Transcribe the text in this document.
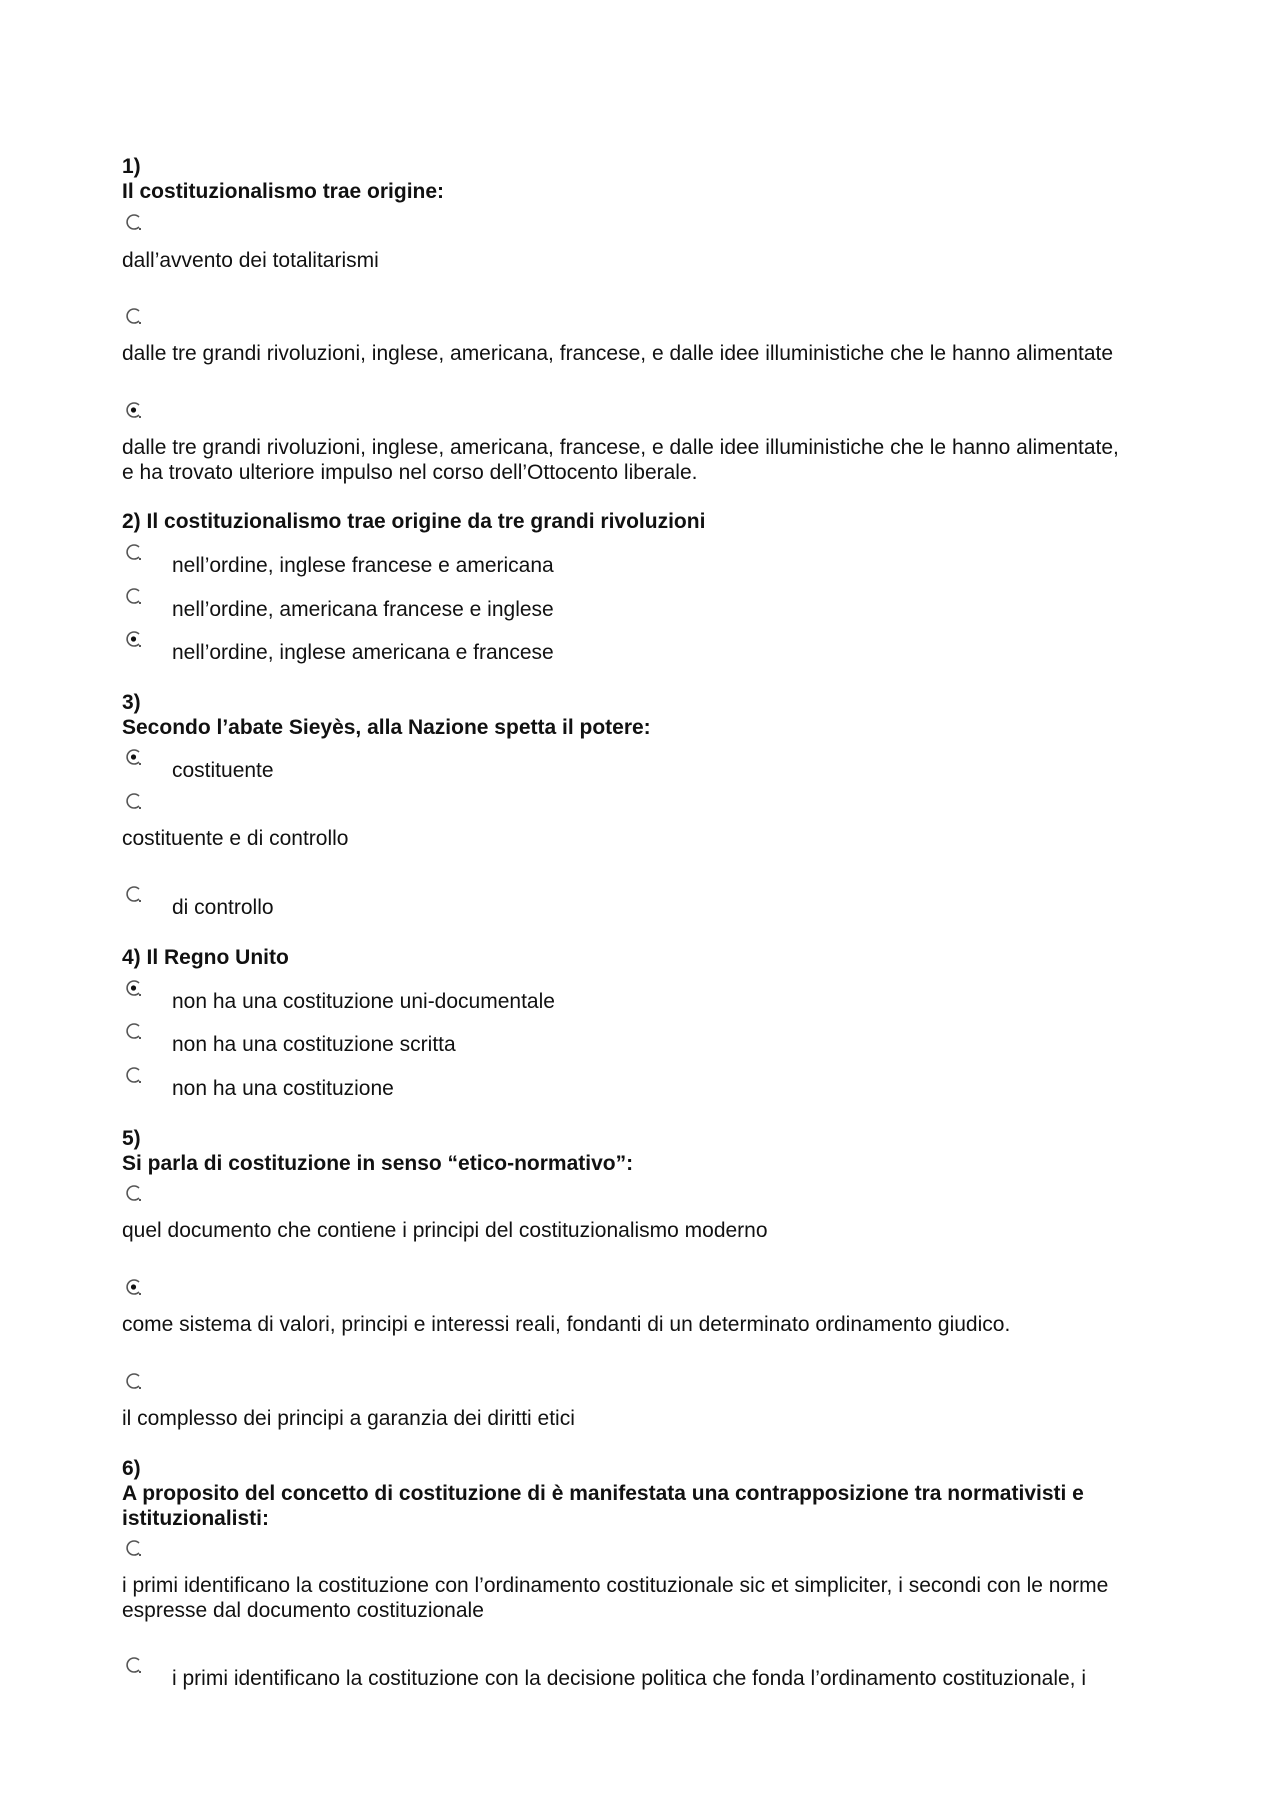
1)
Il costituzionalismo trae origine:
dall’avvento dei totalitarismi
dalle tre grandi rivoluzioni, inglese, americana, francese, e dalle idee illuministiche che le hanno alimentate
dalle tre grandi rivoluzioni, inglese, americana, francese, e dalle idee illuministiche che le hanno alimentate,
e ha trovato ulteriore impulso nel corso dell’Ottocento liberale.
2) Il costituzionalismo trae origine da tre grandi rivoluzioni
nell’ordine, inglese francese e americana
nell’ordine, americana francese e inglese
nell’ordine, inglese americana e francese
3)
Secondo l’abate Sieyès, alla Nazione spetta il potere:
costituente
costituente e di controllo
di controllo
4) Il Regno Unito
non ha una costituzione uni-documentale
non ha una costituzione scritta
non ha una costituzione
5)
Si parla di costituzione in senso “etico-normativo”:
quel documento che contiene i principi del costituzionalismo moderno
come sistema di valori, principi e interessi reali, fondanti di un determinato ordinamento giudico.
il complesso dei principi a garanzia dei diritti etici
6)
A proposito del concetto di costituzione di è manifestata una contrapposizione tra normativisti e
istituzionalisti:
i primi identificano la costituzione con l’ordinamento costituzionale sic et simpliciter, i secondi con le norme
espresse dal documento costituzionale
i primi identificano la costituzione con la decisione politica che fonda l’ordinamento costituzionale, i
